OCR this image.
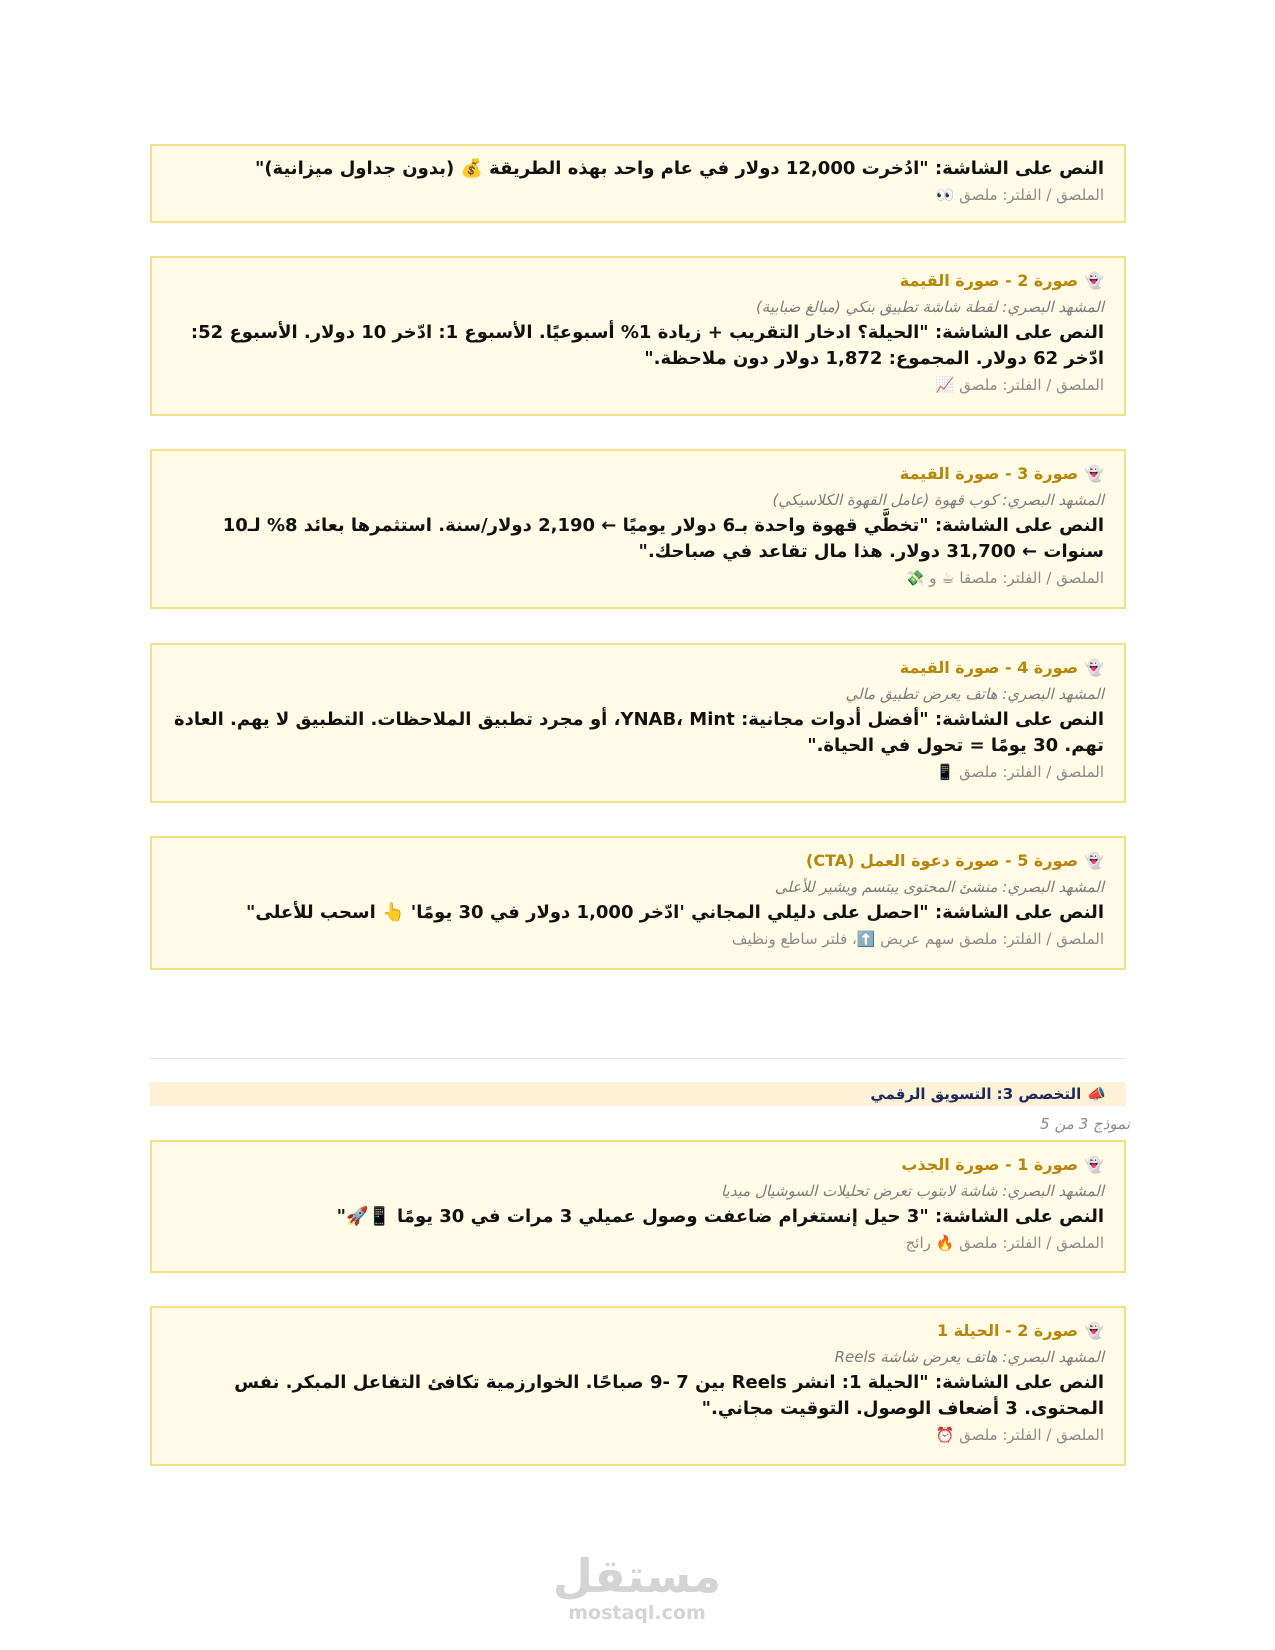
النص على الشاشة: "ادُخرت 12,000 دولار في عام واحد بهذه الطريقة 💰 (بدون جداول ميزانية)"
الملصق / الفلتر: ملصق 👀
👻صورة 2 - صورة القيمة
المشهد البصري: لقطة شاشة تطبيق بنكي (مبالغ ضبابية)
النص على الشاشة: "الحيلة؟ ادخار التقريب + زيادة 1% أسبوعيًا. الأسبوع 1: ادّخر 10 دولار. الأسبوع 52: ادّخر 62 دولار. المجموع: 1,872 دولار دون ملاحظة."
الملصق / الفلتر: ملصق 📈
👻صورة 3 - صورة القيمة
المشهد البصري: كوب قهوة (عامل القهوة الكلاسيكي)
النص على الشاشة: "تخطَّي قهوة واحدة بـ6 دولار يوميًا ← 2,190 دولار/سنة. استثمرها بعائد 8% لـ10 سنوات ← 31,700 دولار. هذا مال تقاعد في صباحك."
الملصق / الفلتر: ملصقا ☕ و 💸
👻صورة 4 - صورة القيمة
المشهد البصري: هاتف يعرض تطبيق مالي
النص على الشاشة: "أفضل أدوات مجانية: YNAB، Mint، أو مجرد تطبيق الملاحظات. التطبيق لا يهم. العادة تهم. 30 يومًا = تحول في الحياة."
الملصق / الفلتر: ملصق 📱
👻صورة 5 - صورة دعوة العمل (CTA)
المشهد البصري: منشئ المحتوى يبتسم ويشير للأعلى
النص على الشاشة: "احصل على دليلي المجاني 'ادّخر 1,000 دولار في 30 يومًا' 👆 اسحب للأعلى"
الملصق / الفلتر: ملصق سهم عريض ⬆️، فلتر ساطع ونظيف
📣التخصص 3: التسويق الرقمي
نموذج 3 من 5
👻صورة 1 - صورة الجذب
المشهد البصري: شاشة لابتوب تعرض تحليلات السوشيال ميديا
النص على الشاشة: "3 حيل إنستغرام ضاعفت وصول عميلي 3 مرات في 30 يومًا 📱🚀"
الملصق / الفلتر: ملصق 🔥 رائج
👻صورة 2 - الحيلة 1
المشهد البصري: هاتف يعرض شاشة Reels
النص على الشاشة: "الحيلة 1: انشر Reels بين 7 -9 صباحًا. الخوارزمية تكافئ التفاعل المبكر. نفس المحتوى. 3 أضعاف الوصول. التوقيت مجاني."
الملصق / الفلتر: ملصق ⏰
مستقل
mostaql.com
